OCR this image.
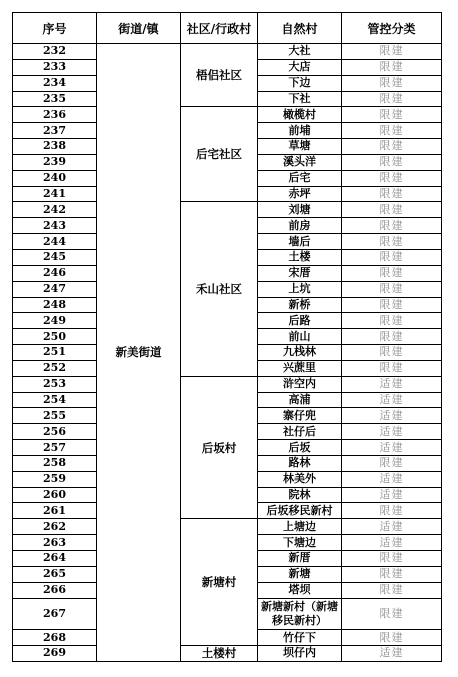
序号	街道/镇	社区/行政村	自然村	管控分类
232	新美街道	梧侣社区	大社	限建
233			大店	限建
234			下边	限建
235			下社	限建
236		后宅社区	橄榄村	限建
237			前埔	限建
238			草塘	限建
239			溪头洋	限建
240			后宅	限建
241			赤坪	限建
242		禾山社区	刘塘	限建
243			前房	限建
244			墙后	限建
245			土楼	限建
246			宋厝	限建
247			上坑	限建
248			新桥	限建
249			后路	限建
250			前山	限建
251			九栈林	限建
252			兴蔗里	限建
253		后坂村	浒空内	适建
254			高浦	适建
255			寨仔兜	适建
256			社仔后	适建
257			后坂	适建
258			路林	限建
259			林美外	适建
260			院林	适建
261			后坂移民新村	限建
262		新塘村	上塘边	适建
263			下塘边	适建
264			新厝	限建
265			新塘	限建
266			塔坝	限建
267			新塘新村（新塘移民新村）	限建
268			竹仔下	限建
269		土楼村	坝仔内	适建
